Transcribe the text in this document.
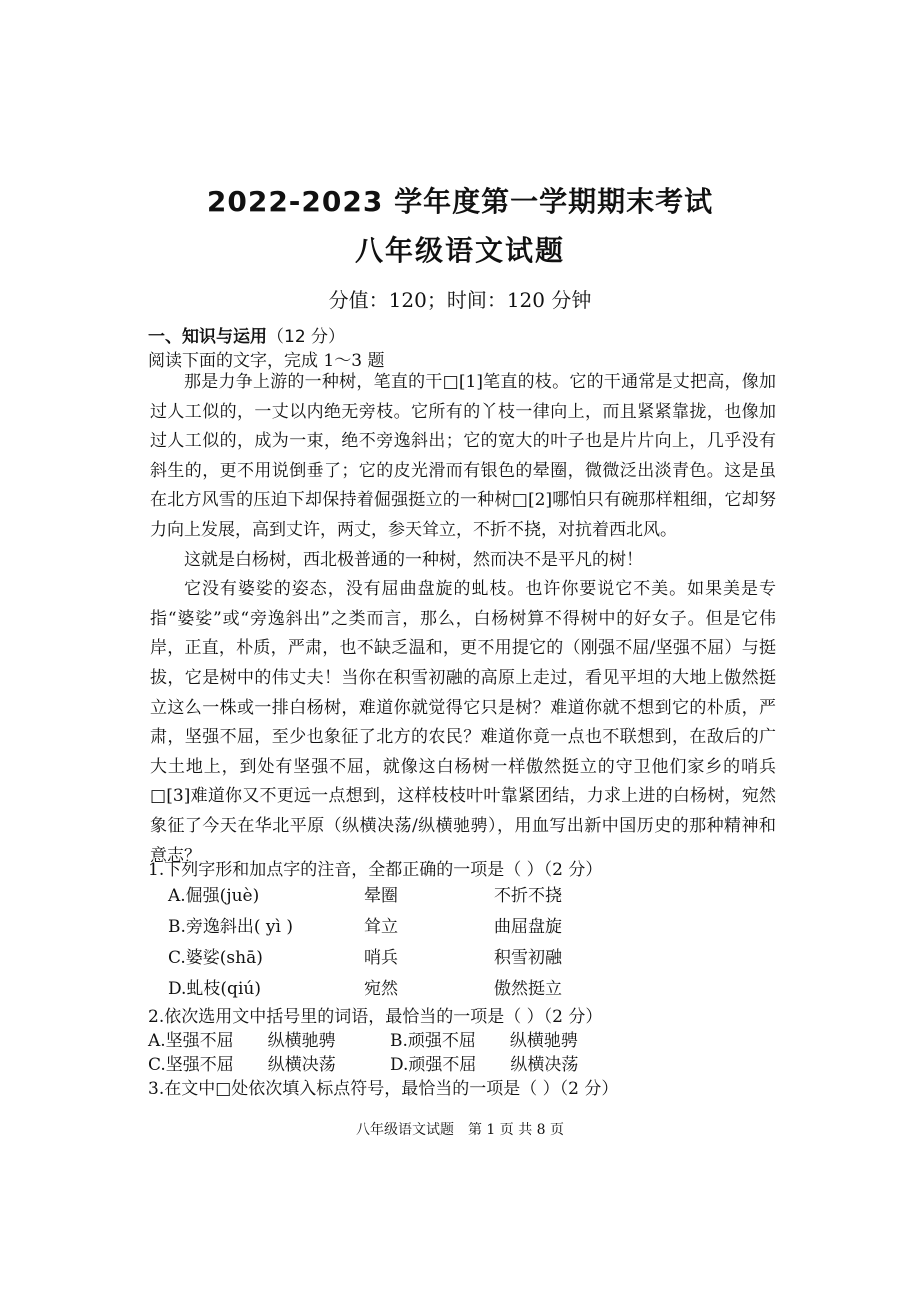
2022-2023 学年度第一学期期末考试
八年级语文试题
分值：120；时间：120 分钟
一、知识与运用（12 分）
阅读下面的文字，完成 1～3 题

那是力争上游的一种树，笔直的干□[1]笔直的枝。它的干通常是丈把高，像加过人工似的，一丈以内绝无旁枝。它所有的丫枝一律向上，而且紧紧靠拢，也像加过人工似的，成为一束，绝不旁逸斜出；它的宽大的叶子也是片片向上，几乎没有斜生的，更不用说倒垂了；它的皮光滑而有银色的晕圈，微微泛出淡青色。这是虽在北方风雪的压迫下却保持着倔强挺立的一种树□[2]哪怕只有碗那样粗细，它却努力向上发展，高到丈许，两丈，参天耸立，不折不挠，对抗着西北风。

这就是白杨树，西北极普通的一种树，然而决不是平凡的树！

它没有婆娑的姿态，没有屈曲盘旋的虬枝。也许你要说它不美。如果美是专指“婆娑”或“旁逸斜出”之类而言，那么，白杨树算不得树中的好女子。但是它伟岸，正直，朴质，严肃，也不缺乏温和，更不用提它的（刚强不屈/坚强不屈）与挺拔，它是树中的伟丈夫！当你在积雪初融的高原上走过，看见平坦的大地上傲然挺立这么一株或一排白杨树，难道你就觉得它只是树？难道你就不想到它的朴质，严肃，坚强不屈，至少也象征了北方的农民？难道你竟一点也不联想到，在敌后的广大土地上，到处有坚强不屈，就像这白杨树一样傲然挺立的守卫他们家乡的哨兵□[3]难道你又不更远一点想到，这样枝枝叶叶靠紧团结，力求上进的白杨树，宛然象征了今天在华北平原（纵横决荡/纵横驰骋），用血写出新中国历史的那种精神和意志？

1.下列字形和加点字的注音，全都正确的一项是（ ）（2 分）
A.倔强(juè)	晕圈	不折不挠
B.旁逸斜出( yì )	耸立	曲屈盘旋
C.婆娑(shā)	哨兵	积雪初融
D.虬枝(qiú)	宛然	傲然挺立
2.依次选用文中括号里的词语，最恰当的一项是（ ）（2 分）
A.坚强不屈　　纵横驰骋	B.顽强不屈　　纵横驰骋
C.坚强不屈　　纵横决荡	D.顽强不屈　　纵横决荡
3.在文中□处依次填入标点符号，最恰当的一项是（ ）（2 分）
八年级语文试题　第 1 页 共 8 页
